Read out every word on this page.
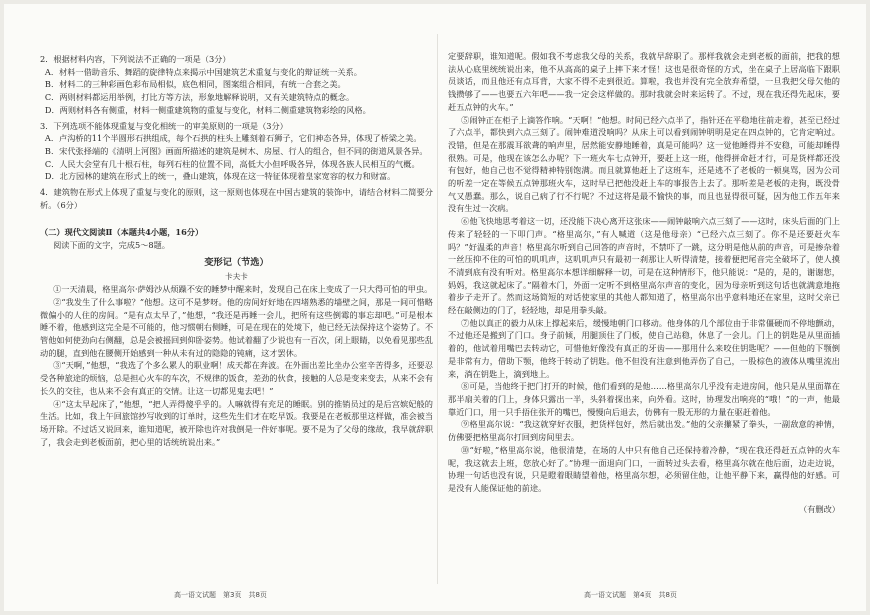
2．根据材料内容，下列说法不正确的一项是（3分）

A．材料一借助音乐、舞蹈的旋律特点来揭示中国建筑艺术重复与变化的辩证统一关系。

B．材料二的三种彩画色彩布局相似，底色相同，图案组合相同，有统一合套之美。

C．两则材料都运用举例，打比方等方法，形象地解释说明，又有关建筑特点的概念。

D．两则材料各有侧重，材料一侧重建筑物的重复与变化，材料二侧重建筑物彩绘的风格。

3．下列选项不能体现重复与变化相统一的审美原则的一项是（3分）

A．卢沟桥的11个半圆形石拱组成，每个石拱的柱头上雕刻着石狮子，它们神态各异，体现了桥梁之美。

B．宋代张择端的《清明上河图》画面所描述的建筑是树木、房屋、行人的组合，但不同的街道风景各异。

C．人民大会堂有几十根石柱，每列石柱的位置不同，高低大小但呼吸各异，体现各族人民相互的气概。

D．北方园林的建筑在形式上的统一，叠山建筑，体现在这一特征体现着皇家宽容的权力和财富。

4．建筑物在形式上体现了重复与变化的原则，这一原则也体现在中国古建筑的装饰中，请结合材料二简要分析。（6分）

（二）现代文阅读Ⅱ（本题共4小题，16分）

阅读下面的文字，完成5～8题。

变形记（节选）

卡夫卡

①一天清晨，格里高尔·萨姆沙从烦躁不安的睡梦中醒来时，发现自己在床上变成了一只大得可怕的甲虫。

②“我发生了什么事啦？”他想。这可不是梦呀。他的房间好好地在四堵熟悉的墙壁之间，那是一间可惜略微偏小的人住的房间。“是有点太早了，”他想，“我还是再睡一会儿，把所有这些倒霉的事忘却吧。”可是根本睡不着，他感到这完全是不可能的，他习惯朝右侧睡，可是在现在的处境下，他已经无法保持这个姿势了。不管他如何使劲向右侧翻，总是会被摇回到仰卧姿势。他试着翻了少说也有一百次，闭上眼睛，以免看见那些乱动的腿，直到他在腰侧开始感到一种从未有过的隐隐的钝痛，这才罢休。

③“天啊，”他想，“我选了个多么累人的职业啊！成天都在奔波。在外面出差比坐办公室辛苦得多，还要忍受各种旅途的烦恼，总是担心火车的车次，不规律的饭食，差劲的伙食，接触的人总是变来变去，从来不会有长久的交往，也从来不会有真正的交情。让这一切都见鬼去吧！”

④“这太早起床了，”他想，“把人弄得傻乎乎的。人嘛就得有充足的睡眠。别的推销员过的是后宫嫔妃般的生活。比如，我上午回旅馆抄写收到的订单时，这些先生们才在吃早饭。我要是在老板那里这样做，准会被当场开除。不过话又说回来，谁知道呢，被开除也许对我倒是一件好事呢。要不是为了父母的缘故，我早就辞职了，我会走到老板面前，把心里的话统统说出来。”

定要辞职，谁知道呢。假如我不考虑我父母的关系，我就早辞职了。那样我就会走到老板的面前，把我的想法从心底里统统说出来，他不从高高的桌子上摔下来才怪！这也是很奇怪的方式，坐在桌子上居高临下跟职员谈话，而且他还有点耳背，大家不得不走到很近。算啦，我也并没有完全放弃希望，一旦我把父母欠他的钱攒够了——也要五六年吧——我一定会这样做的。那时我就会时来运转了。不过，现在我还得先起床，要赶五点钟的火车。”

⑤闹钟正在柜子上滴答作响。“天啊！”他想。时间已经六点半了，指针还在平稳地往前走着，甚至已经过了六点半，都快到六点三刻了。闹钟难道没响吗？从床上可以看到闹钟明明是定在四点钟的，它肯定响过。没错，但是在那震耳欲聋的响声里，居然能安静地睡着，真是可能吗？这一觉他睡得并不安稳，可能却睡得很熟。可是，他现在该怎么办呢？下一班火车七点钟开，要赶上这一班，他得拼命赶才行，可是货样都还没有包好，他自己也不觉得精神特别饱满。而且就算他赶上了这班车，还是逃不了老板的一顿臭骂，因为公司的听差一定在等候五点钟那班火车，这时早已把他没赶上车的事报告上去了。那听差是老板的走狗，既没骨气又愚蠢。那么，说自己病了行不行呢？不过这将是最不愉快的事，而且也显得很可疑，因为他工作五年来没有生过一次病。

⑥他飞快地思考着这一切，还没能下决心离开这张床——闹钟敲响六点三刻了——这时，床头后面的门上传来了轻轻的一下叩门声。“格里高尔，”有人喊道（这是他母亲）“已经六点三刻了。你不是还要赶火车吗？”好温柔的声音！格里高尔听到自己回答的声音时，不禁吓了一跳，这分明是他从前的声音，可是掺杂着一丝压抑不住的可怕的叽叽声，这叽叽声只有最初一刹那让人听得清楚，接着便把尾音完全破坏了，使人摸不清到底有没有听对。格里高尔本想详细解释一切，可是在这种情形下，他只能说：“是的，是的，谢谢您，妈妈，我这就起床了。”隔着木门，外面一定听不到格里高尔声音的变化，因为母亲听到这句话也就满意地拖着步子走开了。然而这场简短的对话使家里的其他人都知道了，格里高尔出乎意料地还在家里，这时父亲已经在敲侧边的门了，轻轻地，却是用拳头敲。

⑦他以真正的毅力从床上撑起来后，缓慢地朝门口移动。他身体的几个部位由于非常僵硬而不停地颤动，不过他还是搬到了门口。身子前倾，用腿顶住了门板，使自己站稳，休息了一会儿。门上的钥匙是从里面插着的，他试着用嘴巴去转动它，可惜他好像没有真正的牙齿——那用什么来咬住钥匙呢？——但他的下颚倒是非常有力，借助下颚，他终于转动了钥匙。他不但没有注意到他弄伤了自己，一股棕色的液体从嘴里流出来，淌在钥匙上，滴到地上。

⑧可是，当他终于把门打开的时候，他们看到的是他……格里高尔几乎没有走进房间，他只是从里面靠在那半扇关着的门上，身体只露出一半，头斜着探出来，向外看。这时，协理发出响亮的“哦！”的一声，他最靠近门口，用一只手捂住张开的嘴巴，慢慢向后退去，仿佛有一股无形的力量在驱赶着他。

⑨格里高尔说：“我这就穿好衣服，把货样包好，然后就出发。”他的父亲攥紧了拳头，一副敌意的神情，仿佛要把格里高尔打回到房间里去。

⑩“好啦，”格里高尔说，他很清楚，在场的人中只有他自己还保持着冷静，“现在我还得赶五点钟的火车呢，我这就去上班，您放心好了。”协理一面退向门口，一面转过头去看，格里高尔就在他后面，边走边说，协理一句话也没有说，只是瞪着眼睛望着他，格里高尔想，必须留住他，让他平静下来，赢得他的好感。可是没有人能保证他的前途。

（有删改）

高一语文试题　第3页　共8页	高一语文试题　第4页　共8页
